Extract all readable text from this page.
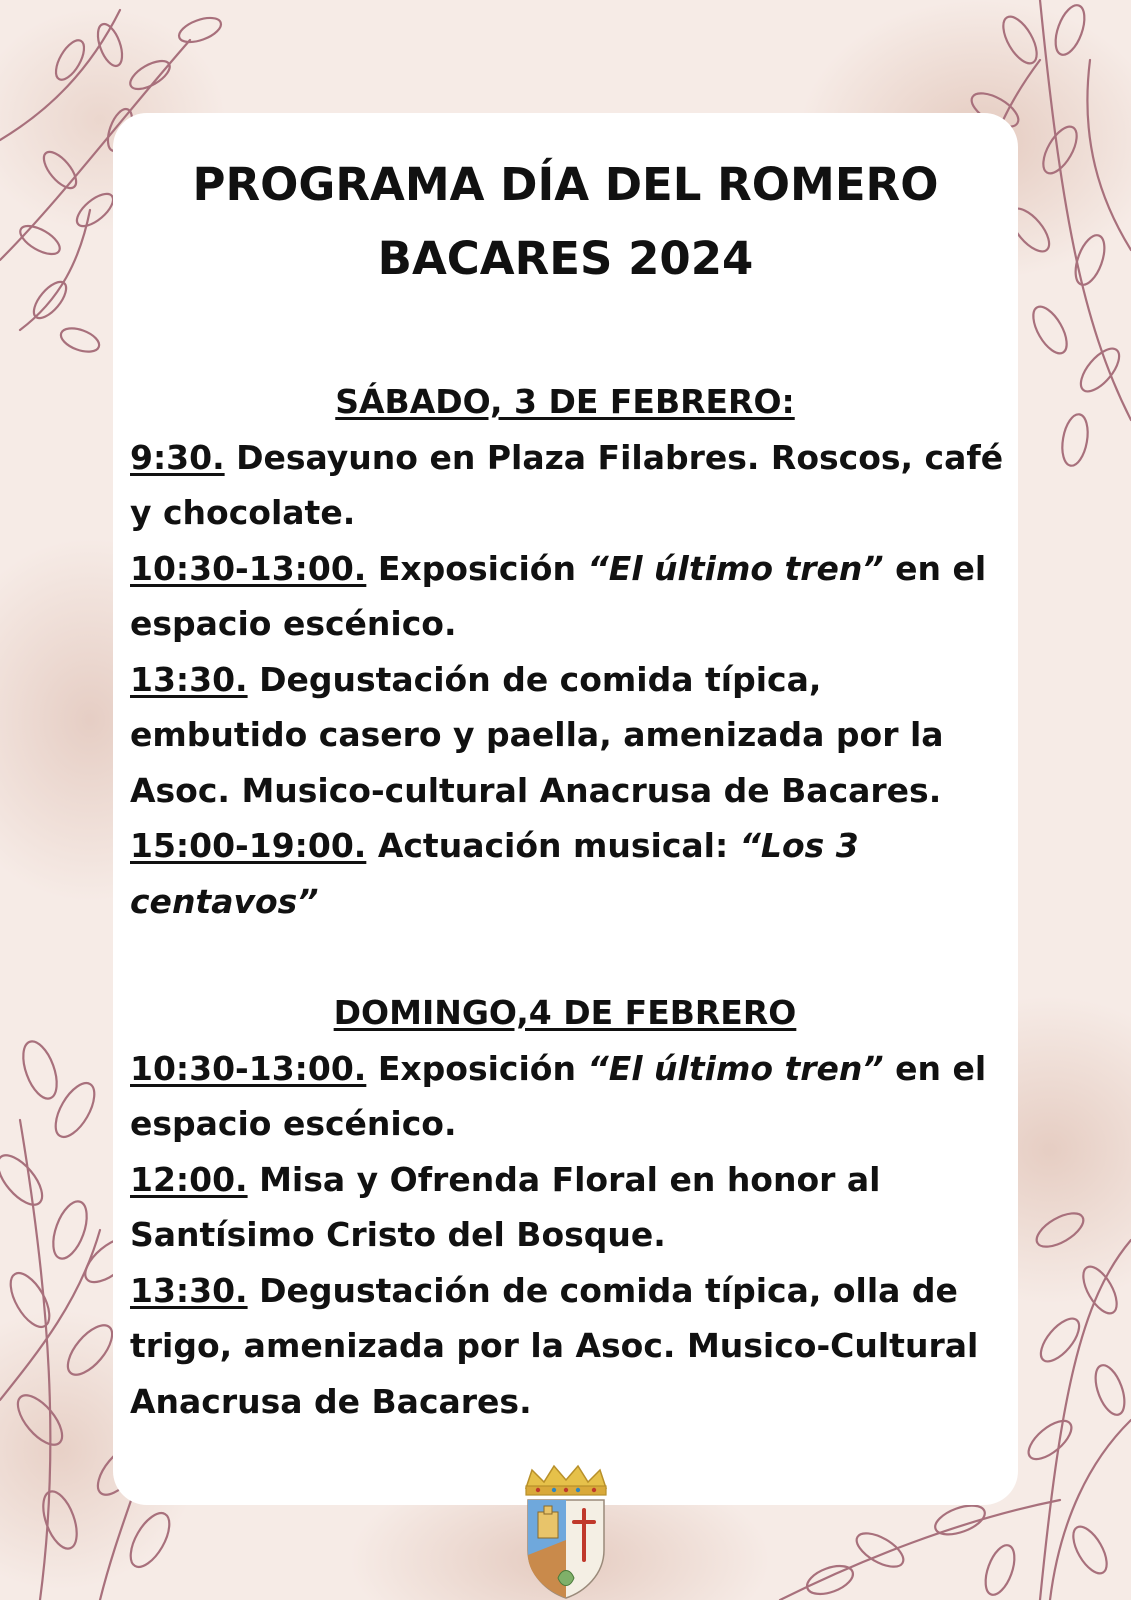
PROGRAMA DÍA DEL ROMERO
BACARES 2024
SÁBADO, 3 DE FEBRERO:

9:30. Desayuno en Plaza Filabres. Roscos, café y chocolate.

10:30-13:00. Exposición “El último tren” en el espacio escénico.

13:30. Degustación de comida típica, embutido casero y paella, amenizada por la Asoc. Musico-cultural Anacrusa de Bacares.

15:00-19:00. Actuación musical: “Los 3 centavos”

DOMINGO,4 DE FEBRERO

10:30-13:00. Exposición “El último tren” en el espacio escénico.

12:00. Misa y Ofrenda Floral en honor al Santísimo Cristo del Bosque.

13:30. Degustación de comida típica, olla de trigo, amenizada por la Asoc. Musico-Cultural Anacrusa de Bacares.
